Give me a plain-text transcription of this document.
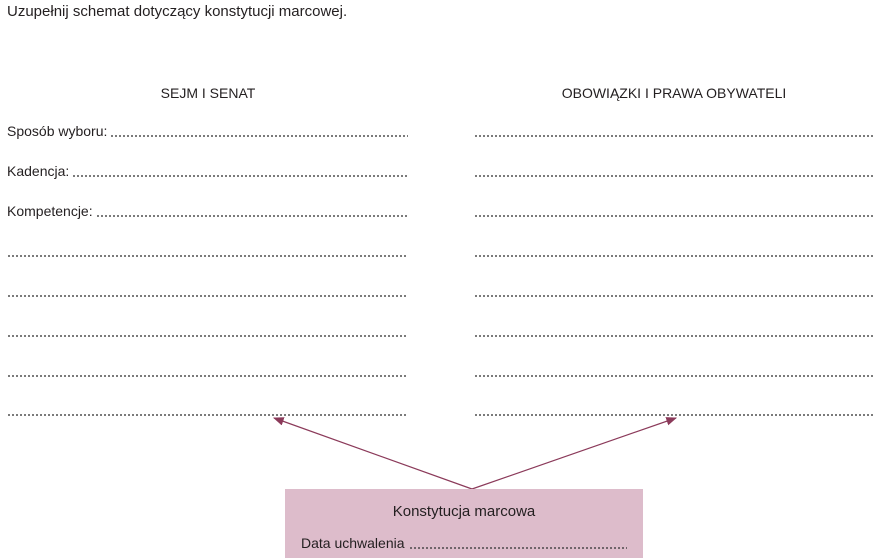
Uzupełnij schemat dotyczący konstytucji marcowej.
SEJM I SENAT	OBOWIĄZKI I PRAWA OBYWATELI
Sposób wyboru:
Kadencja:
Kompetencje:
Konstytucja marcowa
Data uchwalenia
